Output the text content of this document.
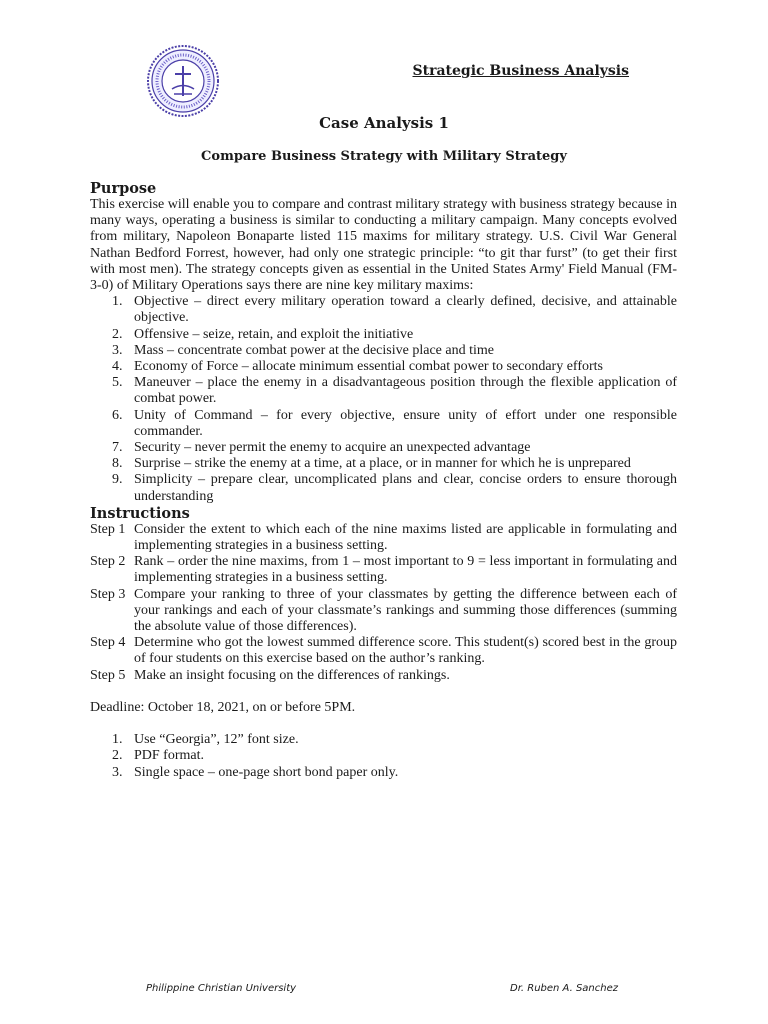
Strategic Business Analysis
Case Analysis 1
Compare Business Strategy with Military Strategy
Purpose

This exercise will enable you to compare and contrast military strategy with business strategy because in many ways, operating a business is similar to conducting a military campaign. Many concepts evolved from military, Napoleon Bonaparte listed 115 maxims for military strategy. U.S. Civil War General Nathan Bedford Forrest, however, had only one strategic principle: “to git thar furst” (to get their first with most men). The strategy concepts given as essential in the United States Army' Field Manual (FM-3-0) of Military Operations says there are nine key military maxims:

1. Objective – direct every military operation toward a clearly defined, decisive, and attainable objective.
2. Offensive – seize, retain, and exploit the initiative
3. Mass – concentrate combat power at the decisive place and time
4. Economy of Force – allocate minimum essential combat power to secondary efforts
5. Maneuver – place the enemy in a disadvantageous position through the flexible application of combat power.
6. Unity of Command – for every objective, ensure unity of effort under one responsible commander.
7. Security – never permit the enemy to acquire an unexpected advantage
8. Surprise – strike the enemy at a time, at a place, or in manner for which he is unprepared
9. Simplicity – prepare clear, uncomplicated plans and clear, concise orders to ensure thorough understanding
Instructions
Step 1 Consider the extent to which each of the nine maxims listed are applicable in formulating and implementing strategies in a business setting.
Step 2 Rank – order the nine maxims, from 1 – most important to 9 = less important in formulating and implementing strategies in a business setting.
Step 3 Compare your ranking to three of your classmates by getting the difference between each of your rankings and each of your classmate’s rankings and summing those differences (summing the absolute value of those differences).
Step 4 Determine who got the lowest summed difference score. This student(s) scored best in the group of four students on this exercise based on the author’s ranking.
Step 5 Make an insight focusing on the differences of rankings.

Deadline: October 18, 2021, on or before 5PM.

1. Use “Georgia”, 12” font size.
2. PDF format.
3. Single space – one-page short bond paper only.
Philippine Christian University	Dr. Ruben A. Sanchez
